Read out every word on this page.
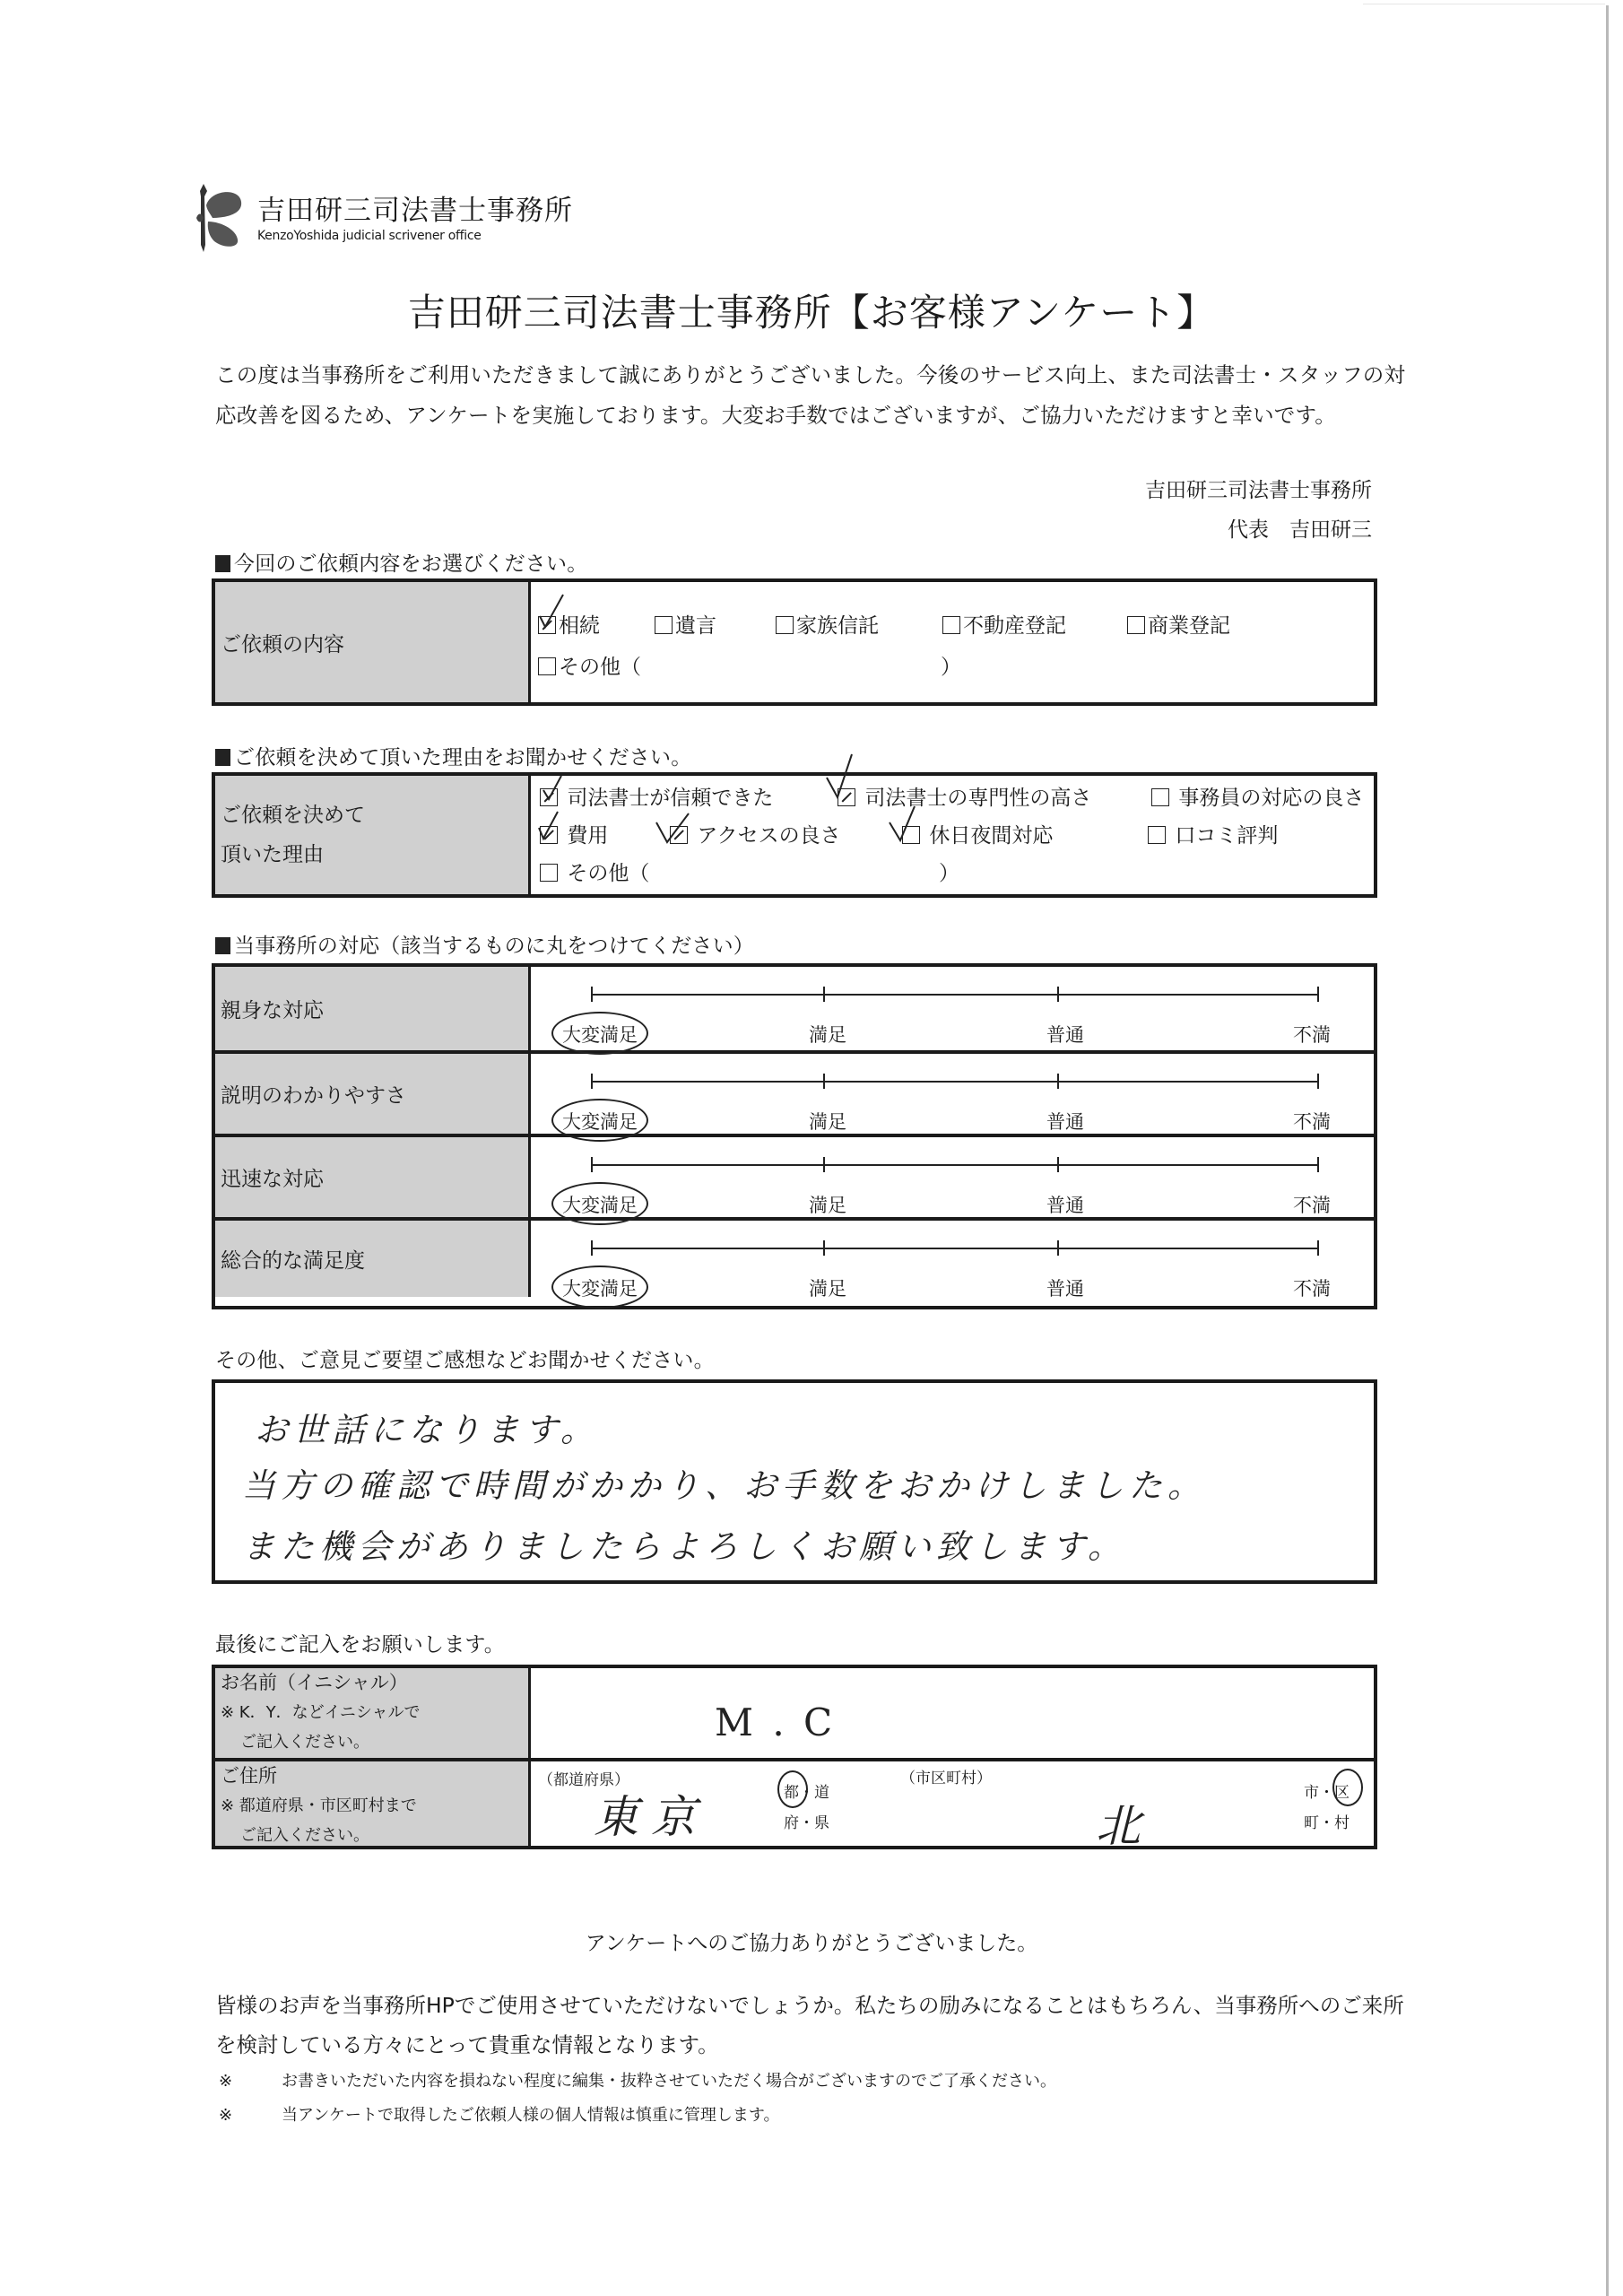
吉田研三司法書士事務所
KenzoYoshida judicial scrivener office
吉田研三司法書士事務所【お客様アンケート】
この度は当事務所をご利用いただきまして誠にありがとうございました。今後のサービス向上、また司法書士・スタッフの対応改善を図るため、アンケートを実施しております。大変お手数ではございますが、ご協力いただけますと幸いです。
吉田研三司法書士事務所
代表　吉田研三
今回のご依頼内容をお選びください。
ご依頼の内容
相続	遺言	家族信託	不動産登記	商業登記
その他（	）
ご依頼を決めて頂いた理由をお聞かせください。
ご依頼を決めて
頂いた理由
司法書士が信頼できた	司法書士の専門性の高さ	事務員の対応の良さ
費用	アクセスの良さ	休日夜間対応	口コミ評判
その他（	）
当事務所の対応（該当するものに丸をつけてください）
親身な対応
大変満足	満足	普通	不満
説明のわかりやすさ
大変満足	満足	普通	不満
迅速な対応
大変満足	満足	普通	不満
総合的な満足度
大変満足	満足	普通	不満
その他、ご意見ご要望ご感想などお聞かせください。
お世話になります。
当方の確認で時間がかかり、お手数をおかけしました。
また機会がありましたらよろしくお願い致します。
最後にご記入をお願いします。
お名前（イニシャル）
※ K．Y．などイニシャルで
ご記入ください。	M . C
ご住所
※ 都道府県・市区町村まで
ご記入ください。
（都道府県）
東京	都・道
府・県
（市区町村）
北
市・区
町・村
アンケートへのご協力ありがとうございました。
皆様のお声を当事務所HPでご使用させていただけないでしょうか。私たちの励みになることはもちろん、当事務所へのご来所を検討している方々にとって貴重な情報となります。
※	お書きいただいた内容を損ねない程度に編集・抜粋させていただく場合がございますのでご了承ください。
※	当アンケートで取得したご依頼人様の個人情報は慎重に管理します。
